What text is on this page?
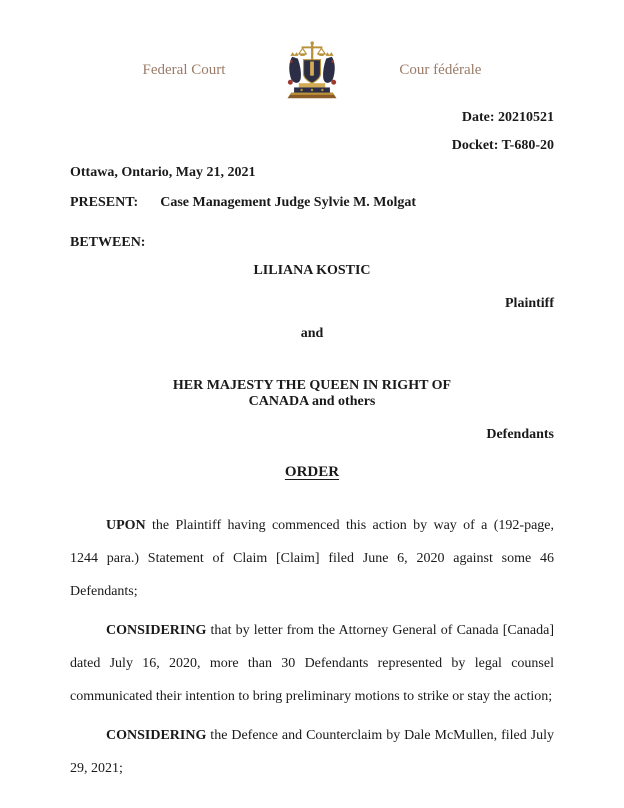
Federal Court	Cour fédérale
Date: 20210521
Docket: T-680-20
Ottawa, Ontario, May 21, 2021
PRESENT: Case Management Judge Sylvie M. Molgat
BETWEEN:
LILIANA KOSTIC
Plaintiff
and
HER MAJESTY THE QUEEN IN RIGHT OF
CANADA and others
Defendants
ORDER

UPON the Plaintiff having commenced this action by way of a (192-page, 1244 para.) Statement of Claim [Claim] filed June 6, 2020 against some 46 Defendants;

CONSIDERING that by letter from the Attorney General of Canada [Canada] dated July 16, 2020, more than 30 Defendants represented by legal counsel communicated their intention to bring preliminary motions to strike or stay the action;

CONSIDERING the Defence and Counterclaim by Dale McMullen, filed July 29, 2021;
